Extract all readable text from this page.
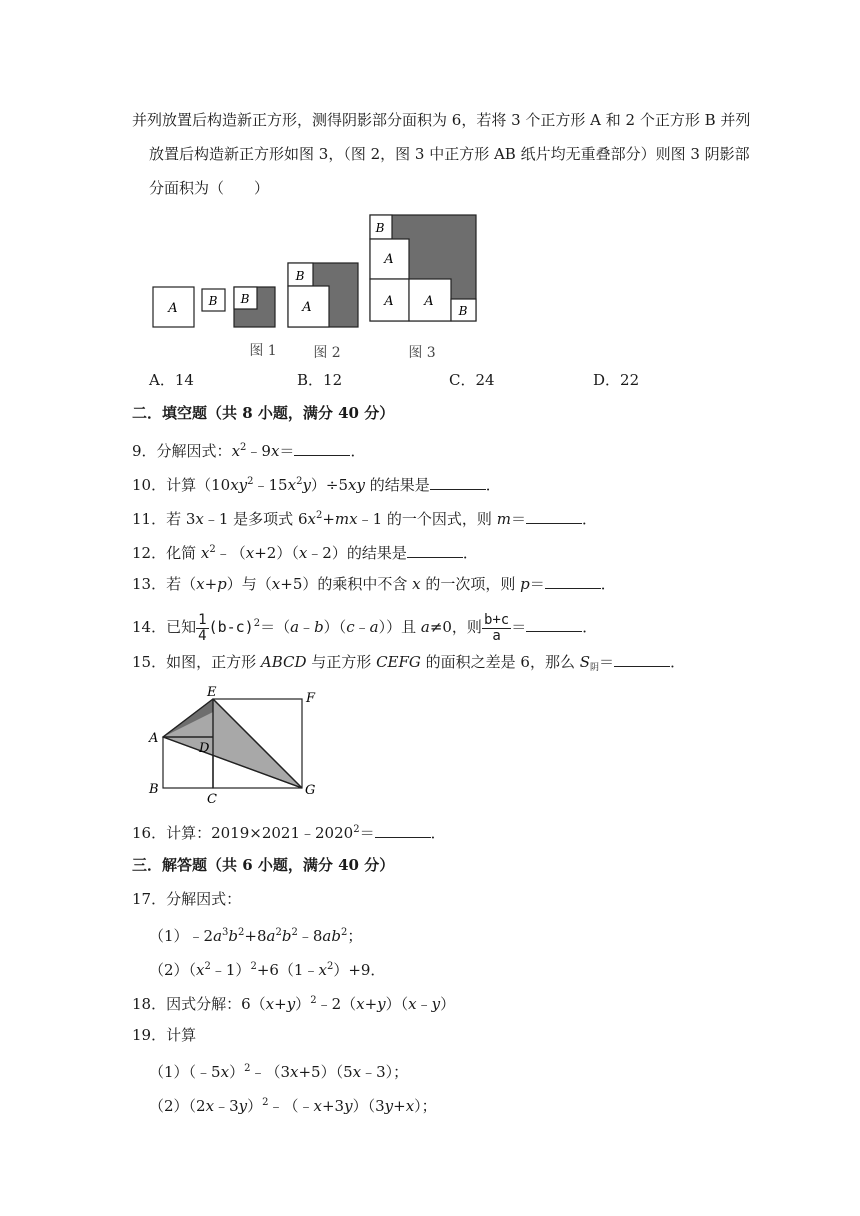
并列放置后构造新正方形，测得阴影部分面积为 6，若将 3 个正方形 A 和 2 个正方形 B 并列
放置后构造新正方形如图 3，（图 2，图 3 中正方形 AB 纸片均无重叠部分）则图 3 阴影部
分面积为（　　）
A	B B
B
A
B
A
A A
B
图 1	图 2	图 3
A．14	B．12	C．24	D．22
二．填空题（共 8 小题，满分 40 分）
9．分解因式：$x^2﹣9x=$	．
10．计算$(10xy^2﹣15x^2y)\div 5xy$ 的结果是	．
11．若 3x﹣1 是多项式 $6x^2+mx﹣1$ 的一个因式，则 m＝	．
12．化简 $x^2﹣(x+2)(x﹣2)$的结果是	．
13．若（x+p）与（x+5）的乘积中不含 x 的一次项，则 p＝	．
14．已知 $\frac{1}{4}$ $(b-c)^2=(a﹣b)(c﹣a)$）且 a≠0，则 $\frac{b+c}{a}$ ＝	．
15．如图，正方形 ABCD 与正方形 CEFG 的面积之差是 6，那么 $S_阴=$	．
E	F
A
D
B
C
G
16．计算：$2019\times 2021﹣2020^2=$	．
三．解答题（共 6 小题，满分 40 分）
17．分解因式：
$(1)﹣2a^3b^2+8a^2b^2﹣8ab^2$；
$(2)(x^2﹣1)^2+6(1﹣x^2)+9$．
18．因式分解：$6(x+y)^2﹣2(x+y)(x﹣y)$
19．计算
（1）（﹣5x）$^2$﹣（3x+5）（5x﹣3）；
（2）（2x﹣3y）$^2$﹣（﹣x+3y）（3y+x）；
